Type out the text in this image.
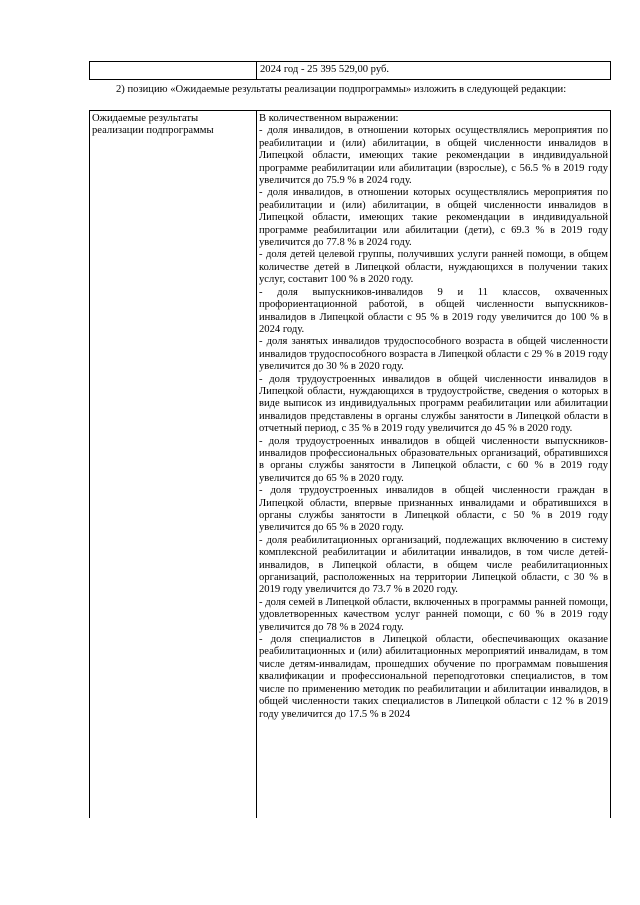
2024 год - 25 395 529,00 руб.
2) позицию «Ожидаемые результаты реализации подпрограммы» изложить в следующей редакции:
Ожидаемые результаты реализации подпрограммы

В количественном выражении:

- доля инвалидов, в отношении которых осуществлялись мероприятия по реабилитации и (или) абилитации, в общей численности инвалидов в Липецкой области, имеющих такие рекомендации в индивидуальной программе реабилитации или абилитации (взрослые), с 56.5 % в 2019 году увеличится до 75.9 % в 2024 году.

- доля инвалидов, в отношении которых осуществлялись мероприятия по реабилитации и (или) абилитации, в общей численности инвалидов в Липецкой области, имеющих такие рекомендации в индивидуальной программе реабилитации или абилитации (дети), с 69.3 % в 2019 году увеличится до 77.8 % в 2024 году.

- доля детей целевой группы, получивших услуги ранней помощи, в общем количестве детей в Липецкой области, нуждающихся в получении таких услуг, составит 100 % в 2020 году.

- доля выпускников-инвалидов 9 и 11 классов, охваченных профориентационной работой, в общей численности выпускников-инвалидов в Липецкой области с 95 % в 2019 году увеличится до 100 % в 2024 году.

- доля занятых инвалидов трудоспособного возраста в общей численности инвалидов трудоспособного возраста в Липецкой области с 29 % в 2019 году увеличится до 30 % в 2020 году.

- доля трудоустроенных инвалидов в общей численности инвалидов в Липецкой области, нуждающихся в трудоустройстве, сведения о которых в виде выписок из индивидуальных программ реабилитации или абилитации инвалидов представлены в органы службы занятости в Липецкой области в отчетный период, с 35 % в 2019 году увеличится до 45 % в 2020 году.

- доля трудоустроенных инвалидов в общей численности выпускников-инвалидов профессиональных образовательных организаций, обратившихся в органы службы занятости в Липецкой области, с 60 % в 2019 году увеличится до 65 % в 2020 году.

- доля трудоустроенных инвалидов в общей численности граждан в Липецкой области, впервые признанных инвалидами и обратившихся в органы службы занятости в Липецкой области, с 50 % в 2019 году увеличится до 65 % в 2020 году.

- доля реабилитационных организаций, подлежащих включению в систему комплексной реабилитации и абилитации инвалидов, в том числе детей-инвалидов, в Липецкой области, в общем числе реабилитационных организаций, расположенных на территории Липецкой области, с 30 % в 2019 году увеличится до 73.7 % в 2020 году.

- доля семей в Липецкой области, включенных в программы ранней помощи, удовлетворенных качеством услуг ранней помощи, с 60 % в 2019 году увеличится до 78 % в 2024 году.

- доля специалистов в Липецкой области, обеспечивающих оказание реабилитационных и (или) абилитационных мероприятий инвалидам, в том числе детям-инвалидам, прошедших обучение по программам повышения квалификации и профессиональной переподготовки специалистов, в том числе по применению методик по реабилитации и абилитации инвалидов, в общей численности таких специалистов в Липецкой области с 12 % в 2019 году увеличится до 17.5 % в 2024
